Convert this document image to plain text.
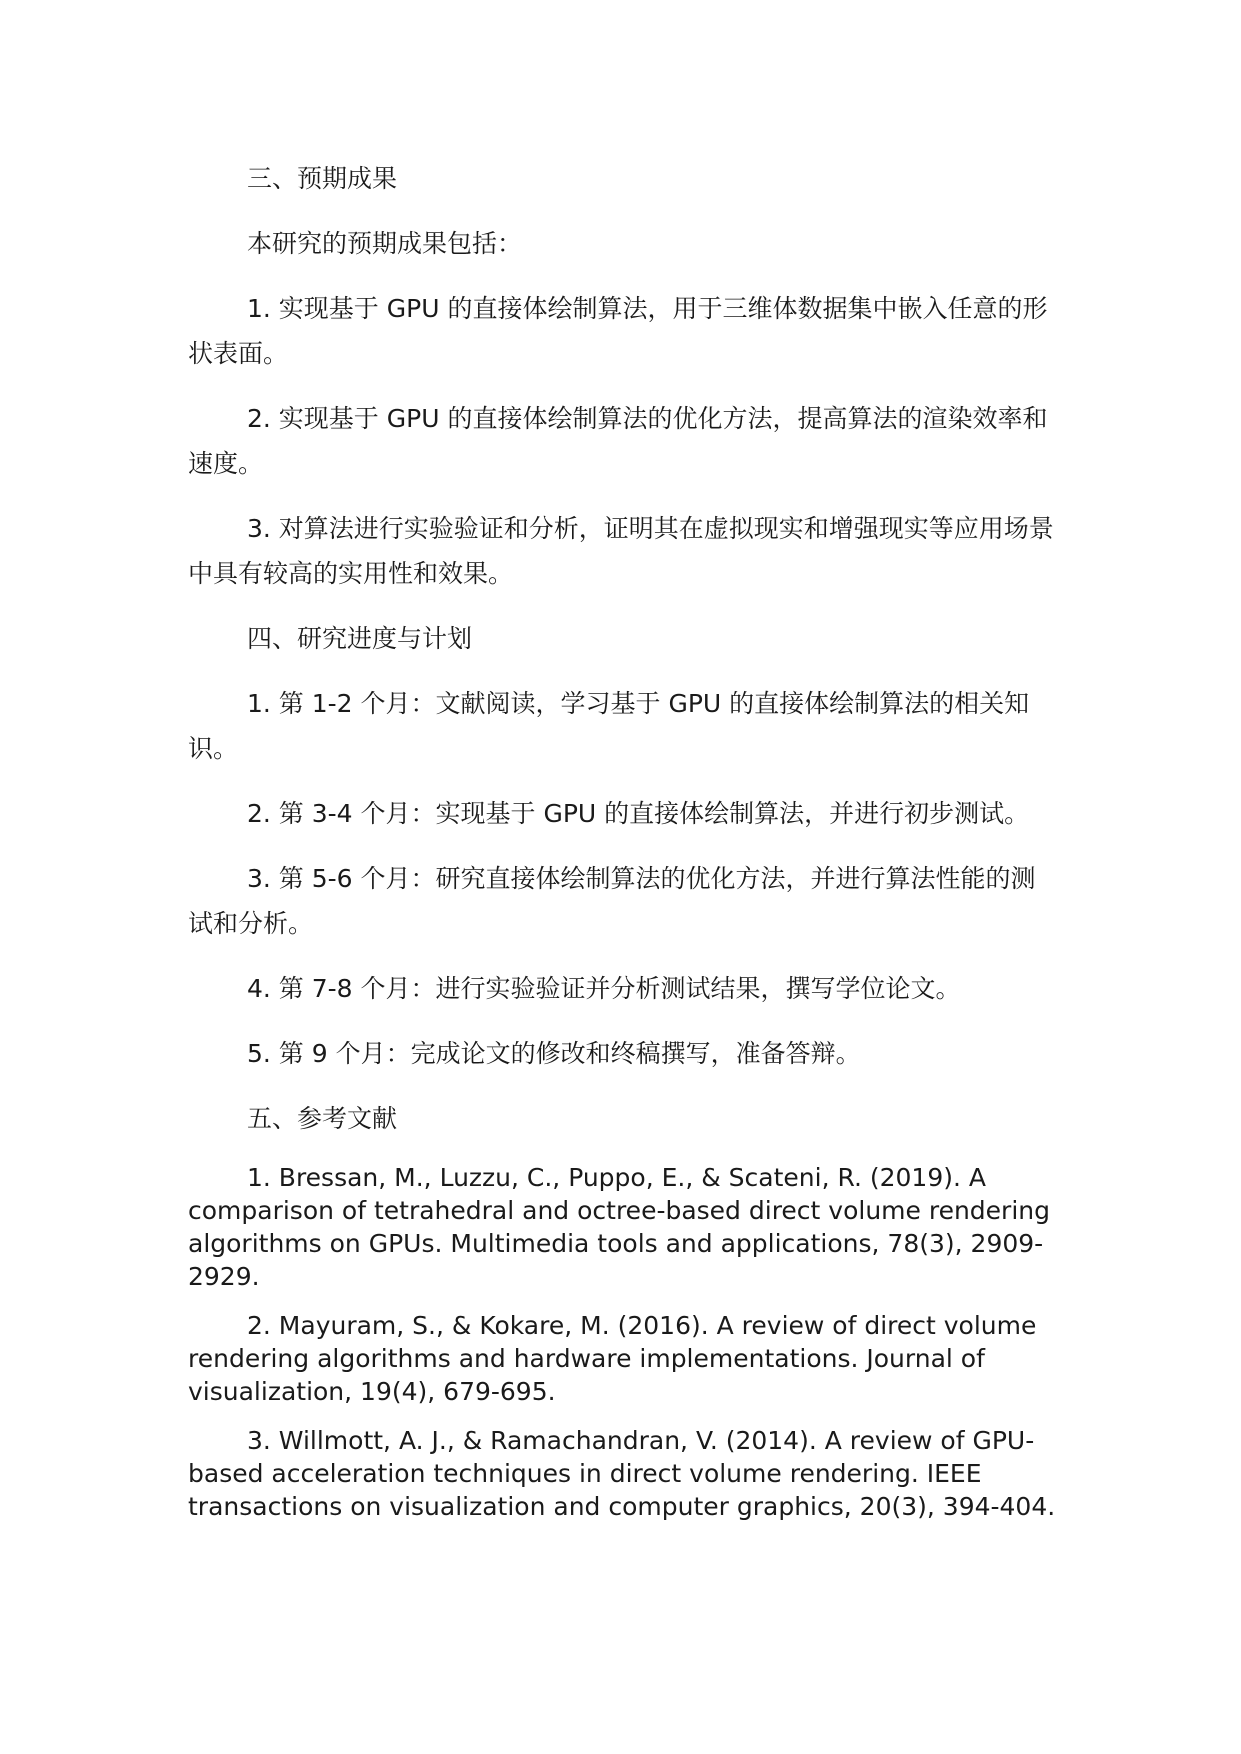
三、预期成果

本研究的预期成果包括：

1. 实现基于 GPU 的直接体绘制算法，用于三维体数据集中嵌入任意的形状表面。

2. 实现基于 GPU 的直接体绘制算法的优化方法，提高算法的渲染效率和速度。

3. 对算法进行实验验证和分析，证明其在虚拟现实和增强现实等应用场景中具有较高的实用性和效果。

四、研究进度与计划

1. 第 1-2 个月：文献阅读，学习基于 GPU 的直接体绘制算法的相关知识。

2. 第 3-4 个月：实现基于 GPU 的直接体绘制算法，并进行初步测试。

3. 第 5-6 个月：研究直接体绘制算法的优化方法，并进行算法性能的测试和分析。

4. 第 7-8 个月：进行实验验证并分析测试结果，撰写学位论文。

5. 第 9 个月：完成论文的修改和终稿撰写，准备答辩。

五、参考文献

1. Bressan, M., Luzzu, C., Puppo, E., & Scateni, R. (2019). A comparison of tetrahedral and octree-based direct volume rendering algorithms on GPUs. Multimedia tools and applications, 78(3), 2909-2929.

2. Mayuram, S., & Kokare, M. (2016). A review of direct volume rendering algorithms and hardware implementations. Journal of visualization, 19(4), 679-695.

3. Willmott, A. J., & Ramachandran, V. (2014). A review of GPU-based acceleration techniques in direct volume rendering. IEEE transactions on visualization and computer graphics, 20(3), 394-404.
